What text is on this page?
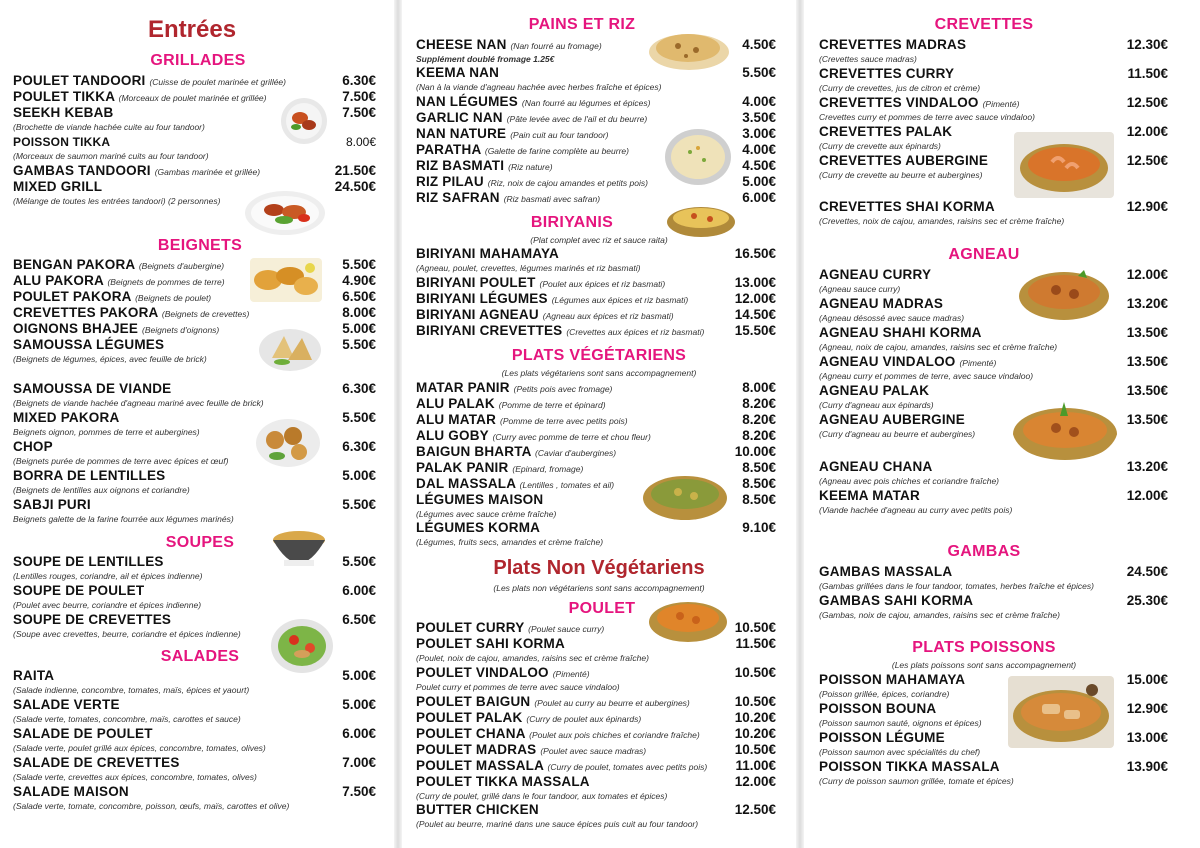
Entrées
GRILLADES
POULET TANDOORI (Cuisse de poulet marinée et grillée)	6.30€
POULET TIKKA (Morceaux de poulet marinée et grillée)	7.50€
SEEKH KEBAB	7.50€
(Brochette de viande hachée cuite au four tandoor)
POISSON TIKKA	8.00€
(Morceaux de saumon mariné cuits au four tandoor)
GAMBAS TANDOORI (Gambas marinée et grillée)	21.50€
MIXED GRILL	24.50€
(Mélange de toutes les entrées tandoori) (2 personnes)
BEIGNETS
BENGAN PAKORA (Beignets d'aubergine)	5.50€
ALU PAKORA (Beignets de pommes de terre)	4.90€
POULET PAKORA (Beignets de poulet)	6.50€
CREVETTES PAKORA (Beignets de crevettes)	8.00€
OIGNONS BHAJEE (Beignets d'oignons)	5.00€
SAMOUSSA LÉGUMES	5.50€
(Beignets de légumes, épices, avec feuille de brick)
SAMOUSSA DE VIANDE	6.30€
(Beignets de viande hachée d'agneau mariné avec feuille de brick)
MIXED PAKORA	5.50€
Beignets oignon, pommes de terre et aubergines)
CHOP	6.30€
(Beignets purée de pommes de terre avec épices et œuf)
BORRA DE LENTILLES	5.00€
(Beignets de lentilles aux oignons et coriandre)
SABJI PURI	5.50€
Beignets galette de la farine fourrée aux légumes marinés)
SOUPES
SOUPE DE LENTILLES	5.50€
(Lentilles rouges, coriandre, ail et épices indienne)
SOUPE DE POULET	6.00€
(Poulet avec beurre, coriandre et épices indienne)
SOUPE DE CREVETTES	6.50€
(Soupe avec crevettes, beurre, coriandre et épices indienne)
SALADES
RAITA	5.00€
(Salade indienne, concombre, tomates, maïs, épices et yaourt)
SALADE VERTE	5.00€
(Salade verte, tomates, concombre, maïs, carottes et sauce)
SALADE DE POULET	6.00€
(Salade verte, poulet grillé aux épices, concombre, tomates, olives)
SALADE DE CREVETTES	7.00€
(Salade verte, crevettes aux épices, concombre, tomates, olives)
SALADE MAISON	7.50€
(Salade verte, tomate, concombre, poisson, œufs, maïs, carottes et olive)
PAINS ET RIZ
CHEESE NAN (Nan fourré au fromage)	4.50€
Supplément doublé fromage 1.25€
KEEMA NAN	5.50€
(Nan à la viande d'agneau hachée avec herbes fraîche et épices)
NAN LÉGUMES (Nan fourré au légumes et épices)	4.00€
GARLIC NAN (Pâte levée avec de l'ail et du beurre)	3.50€
NAN NATURE (Pain cuit au four tandoor)	3.00€
PARATHA (Galette de farine complète au beurre)	4.00€
RIZ BASMATI (Riz nature)	4.50€
RIZ PILAU (Riz, noix de cajou amandes et petits pois)	5.00€
RIZ SAFRAN (Riz basmati avec safran)	6.00€
BIRIYANIS
(Plat complet avec riz et sauce raita)
BIRIYANI MAHAMAYA	16.50€
(Agneau, poulet, crevettes, légumes marinés et riz basmati)
BIRIYANI POULET (Poulet aux épices et riz basmati)	13.00€
BIRIYANI LÉGUMES (Légumes aux épices et riz basmati)	12.00€
BIRIYANI AGNEAU (Agneau aux épices et riz basmati)	14.50€
BIRIYANI CREVETTES (Crevettes aux épices et riz basmati) 15.50€
PLATS VÉGÉTARIENS
(Les plats végétariens sont sans accompagnement)
MATAR PANIR (Petits pois avec fromage)	8.00€
ALU PALAK (Pomme de terre et épinard)	8.20€
ALU MATAR (Pomme de terre avec petits pois)	8.20€
ALU GOBY (Curry avec pomme de terre et chou fleur)	8.20€
BAIGUN BHARTA (Caviar d'aubergines)	10.00€
PALAK PANIR (Epinard, fromage)	8.50€
DAL MASSALA (Lentilles , tomates et ail)	8.50€
LÉGUMES MAISON	8.50€
(Légumes avec sauce crème fraîche)
LÉGUMES KORMA	9.10€
(Légumes, fruits secs, amandes et crème fraîche)
Plats Non Végétariens
(Les plats non végétariens sont sans accompagnement)
POULET
POULET CURRY (Poulet sauce curry)	10.50€
POULET SAHI KORMA	11.50€
(Poulet, noix de cajou, amandes, raisins sec et crème fraîche)
POULET VINDALOO (Pimenté)	10.50€
Poulet curry et pommes de terre avec sauce vindaloo)
POULET BAIGUN (Poulet au curry au beurre et aubergines)	10.50€
POULET PALAK (Curry de poulet aux épinards)	10.20€
POULET CHANA (Poulet aux pois chiches et coriandre fraîche)	10.20€
POULET MADRAS (Poulet avec sauce madras)	10.50€
POULET MASSALA (Curry de poulet, tomates avec petits pois) 11.00€
POULET TIKKA MASSALA	12.00€
(Curry de poulet, grillé dans le four tandoor, aux tomates et épices)
BUTTER CHICKEN	12.50€
(Poulet au beurre, mariné dans une sauce épices puis cuit au four tandoor)
CREVETTES
CREVETTES MADRAS	12.30€
(Crevettes sauce madras)
CREVETTES CURRY	11.50€
(Curry de crevettes, jus de citron et crème)
CREVETTES VINDALOO (Pimenté)	12.50€
Crevettes curry et pommes de terre avec sauce vindaloo)
CREVETTES PALAK	12.00€
(Curry de crevette aux épinards)
CREVETTES AUBERGINE	12.50€
(Curry de crevette au beurre et aubergines)
CREVETTES SHAI KORMA	12.90€
(Crevettes, noix de cajou, amandes, raisins sec et crème fraîche)
AGNEAU
AGNEAU CURRY	12.00€
(Agneau sauce curry)
AGNEAU MADRAS	13.20€
(Agneau désossé avec sauce madras)
AGNEAU SHAHI KORMA	13.50€
(Agneau, noix de cajou, amandes, raisins sec et crème fraîche)
AGNEAU VINDALOO (Pimenté)	13.50€
(Agneau curry et pommes de terre, avec sauce vindaloo)
AGNEAU PALAK	13.50€
(Curry d'agneau aux épinards)
AGNEAU AUBERGINE	13.50€
(Curry d'agneau au beurre et aubergines)
AGNEAU CHANA	13.20€
(Agneau avec pois chiches et coriandre fraîche)
KEEMA MATAR	12.00€
(Viande hachée d'agneau au curry avec petits pois)
GAMBAS
GAMBAS MASSALA	24.50€
(Gambas grillées dans le four tandoor, tomates, herbes fraîche et épices)
GAMBAS SAHI KORMA	25.30€
(Gambas, noix de cajou, amandes, raisins sec et crème fraîche)
PLATS POISSONS
(Les plats poissons sont sans accompagnement)
POISSON MAHAMAYA	15.00€
(Poisson grillée, épices, coriandre)
POISSON BOUNA	12.90€
(Poisson saumon sauté, oignons et épices)
POISSON LÉGUME	13.00€
(Poisson saumon avec spécialités du chef)
POISSON TIKKA MASSALA	13.90€
(Curry de poisson saumon grillée, tomate et épices)
